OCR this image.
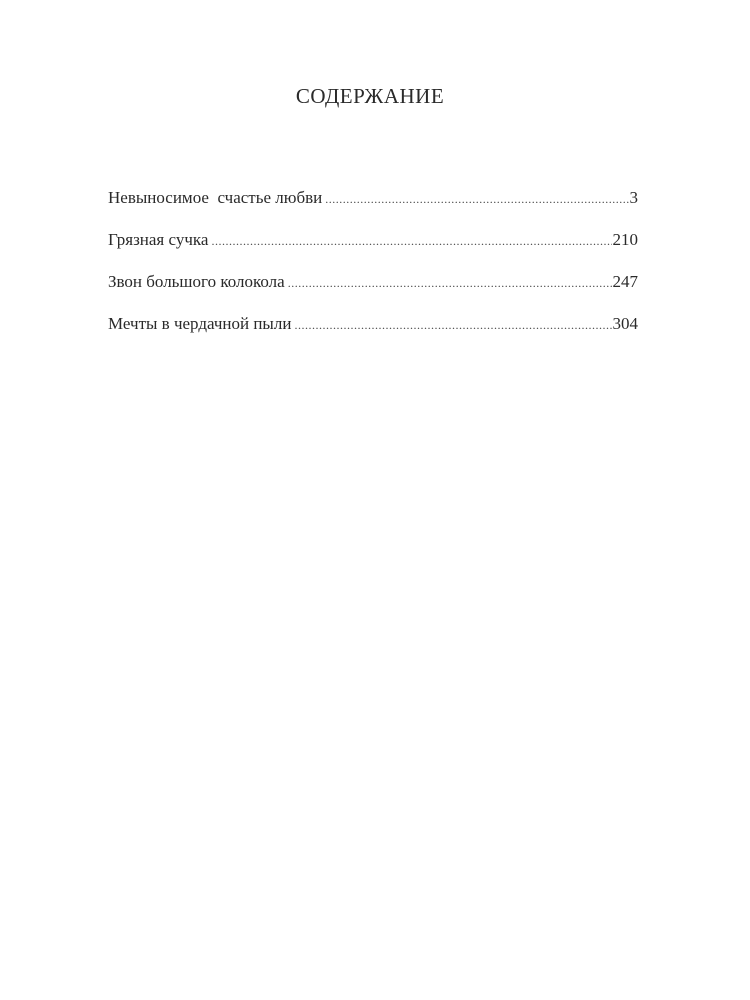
СОДЕРЖАНИЕ
Невыносимое  счастье любви .....	3
Грязная сучка .....	210
Звон большого колокола .....	247
Мечты в чердачной пыли .....	304
